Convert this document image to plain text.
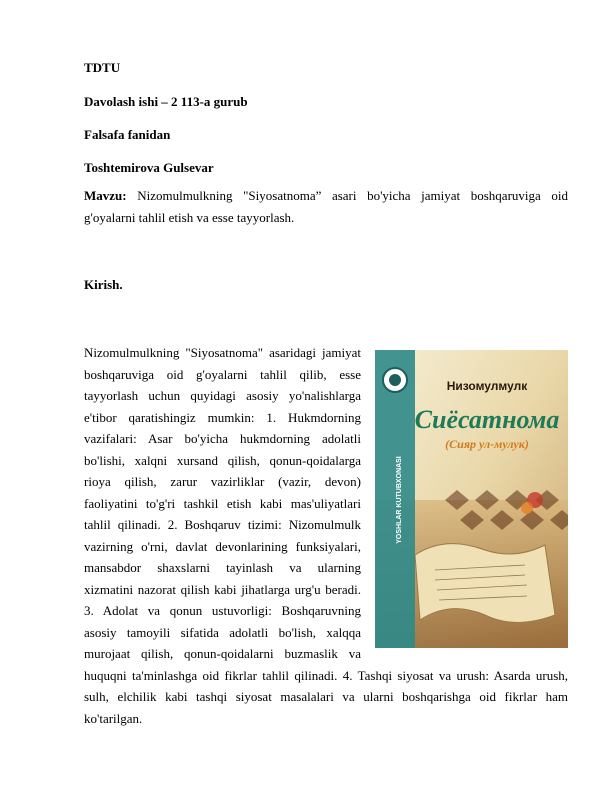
TDTU
Davolash ishi – 2 113-a gurub
Falsafa fanidan
Toshtemirova Gulsevar
Mavzu: Nizomulmulkning "Siyosatnoma” asari bo'yicha jamiyat boshqaruviga oid g'oyalarni tahlil etish va esse tayyorlash.
Kirish.
YOSHLAR KUTUBXONASI
Низомулмулк
Сиёсатнома
(Сияр ул-мулук)
Nizomulmulkning "Siyosatnoma" asaridagi jamiyat boshqaruviga oid g'oyalarni tahlil qilib, esse tayyorlash uchun quyidagi asosiy yo'nalishlarga e'tibor qaratishingiz mumkin: 1. Hukmdorning vazifalari: Asar bo'yicha hukmdorning adolatli bo'lishi, xalqni xursand qilish, qonun-qoidalarga rioya qilish, zarur vazirliklar (vazir, devon) faoliyatini to'g'ri tashkil etish kabi mas'uliyatlari tahlil qilinadi. 2. Boshqaruv tizimi: Nizomulmulk vazirning o'rni, davlat devonlarining funksiyalari, mansabdor shaxslarni tayinlash va ularning xizmatini nazorat qilish kabi jihatlarga urg'u beradi. 3. Adolat va qonun ustuvorligi: Boshqaruvning asosiy tamoyili sifatida adolatli bo'lish, xalqqa murojaat qilish, qonun-qoidalarni buzmaslik va huquqni ta'minlashga oid fikrlar tahlil qilinadi. 4. Tashqi siyosat va urush: Asarda urush, sulh, elchilik kabi tashqi siyosat masalalari va ularni boshqarishga oid fikrlar ham ko'tarilgan.
